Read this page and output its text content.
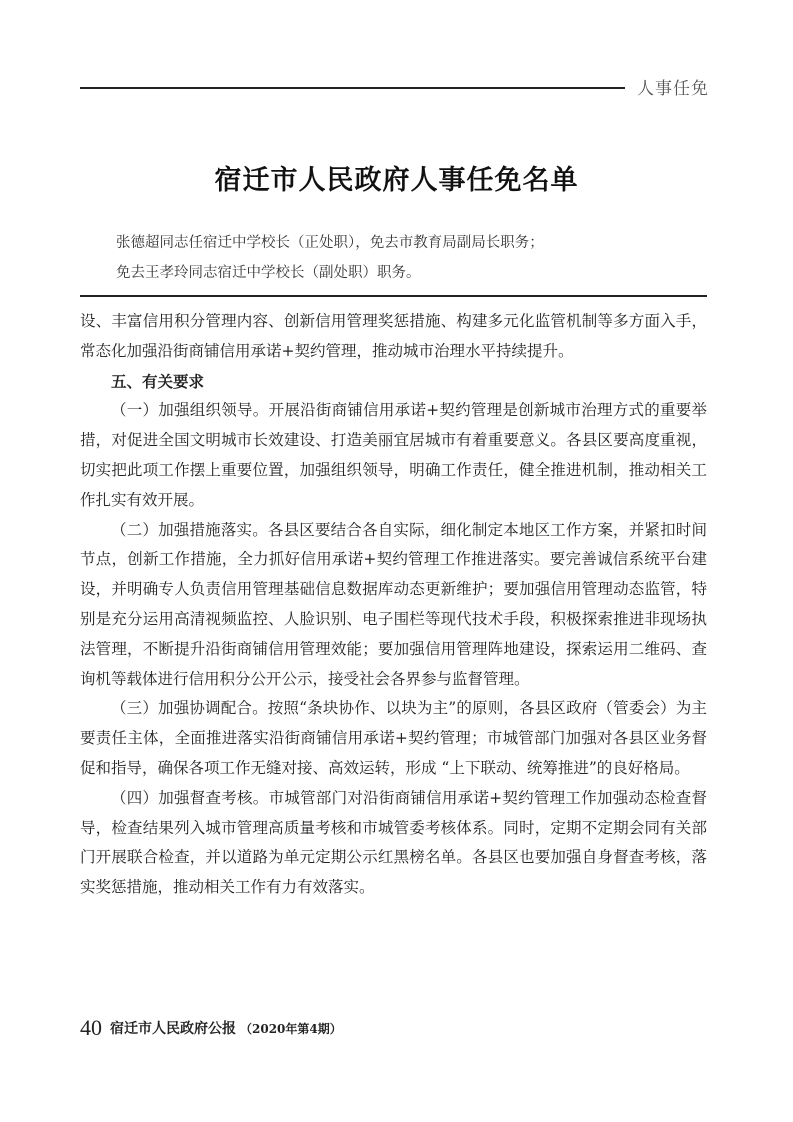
人事任免
宿迁市人民政府人事任免名单
张德超同志任宿迁中学校长（正处职），免去市教育局副局长职务；
免去王孝玲同志宿迁中学校长（副处职）职务。

设、丰富信用积分管理内容、创新信用管理奖惩措施、构建多元化监管机制等多方面入手，常态化加强沿街商铺信用承诺+契约管理，推动城市治理水平持续提升。

五、有关要求

（一）加强组织领导。开展沿街商铺信用承诺+契约管理是创新城市治理方式的重要举措，对促进全国文明城市长效建设、打造美丽宜居城市有着重要意义。各县区要高度重视，切实把此项工作摆上重要位置，加强组织领导，明确工作责任，健全推进机制，推动相关工作扎实有效开展。

（二）加强措施落实。各县区要结合各自实际，细化制定本地区工作方案，并紧扣时间节点，创新工作措施，全力抓好信用承诺+契约管理工作推进落实。要完善诚信系统平台建设，并明确专人负责信用管理基础信息数据库动态更新维护；要加强信用管理动态监管，特别是充分运用高清视频监控、人脸识别、电子围栏等现代技术手段，积极探索推进非现场执法管理，不断提升沿街商铺信用管理效能；要加强信用管理阵地建设，探索运用二维码、查询机等载体进行信用积分公开公示，接受社会各界参与监督管理。

（三）加强协调配合。按照“条块协作、以块为主”的原则，各县区政府（管委会）为主要责任主体，全面推进落实沿街商铺信用承诺+契约管理；市城管部门加强对各县区业务督促和指导，确保各项工作无缝对接、高效运转，形成 “上下联动、统筹推进”的良好格局。

（四）加强督查考核。市城管部门对沿街商铺信用承诺+契约管理工作加强动态检查督导，检查结果列入城市管理高质量考核和市城管委考核体系。同时，定期不定期会同有关部门开展联合检查，并以道路为单元定期公示红黑榜名单。各县区也要加强自身督查考核，落实奖惩措施，推动相关工作有力有效落实。

40 宿迁市人民政府公报 （2020年第4期）
